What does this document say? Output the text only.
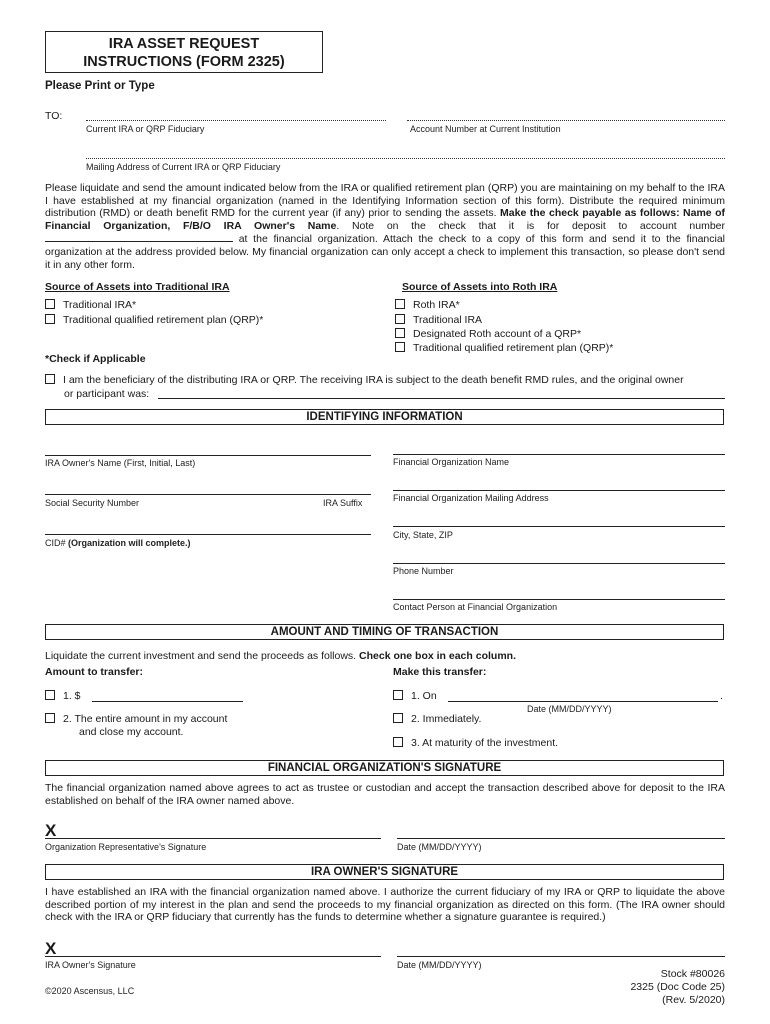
IRA ASSET REQUEST
INSTRUCTIONS (FORM 2325)
Please Print or Type
TO:
Current IRA or QRP Fiduciary	Account Number at Current Institution
Mailing Address of Current IRA or QRP Fiduciary
Please liquidate and send the amount indicated below from the IRA or qualified retirement plan (QRP) you are maintaining on my behalf to the IRA I have established at my financial organization (named in the Identifying Information section of this form). Distribute the required minimum distribution (RMD) or death benefit RMD for the current year (if any) prior to sending the assets. Make the check payable as follows: Name of Financial Organization, F/B/O IRA Owner's Name. Note on the check that it is for deposit to account number  at the financial organization. Attach the check to a copy of this form and send it to the financial organization at the address provided below. My financial organization can only accept a check to implement this transaction, so please don't send it in any other form.
Source of Assets into Traditional IRA
Traditional IRA*
Traditional qualified retirement plan (QRP)*
Source of Assets into Roth IRA
Roth IRA*
Traditional IRA
Designated Roth account of a QRP*
Traditional qualified retirement plan (QRP)*
*Check if Applicable
I am the beneficiary of the distributing IRA or QRP. The receiving IRA is subject to the death benefit RMD rules, and the original owner
or participant was:
IDENTIFYING INFORMATION
IRA Owner's Name (First, Initial, Last)
Social Security Number	IRA Suffix
CID# (Organization will complete.)
Financial Organization Name
Financial Organization Mailing Address
City, State, ZIP
Phone Number
Contact Person at Financial Organization
AMOUNT AND TIMING OF TRANSACTION
Liquidate the current investment and send the proceeds as follows. Check one box in each column.
Amount to transfer:	Make this transfer:
1. $
2. The entire amount in my account
and close my account.
1. On	.
Date (MM/DD/YYYY)
2. Immediately.
3. At maturity of the investment.
FINANCIAL ORGANIZATION'S SIGNATURE
The financial organization named above agrees to act as trustee or custodian and accept the transaction described above for deposit to the IRA established on behalf of the IRA owner named above.
X
Organization Representative's Signature	Date (MM/DD/YYYY)
IRA OWNER'S SIGNATURE
I have established an IRA with the financial organization named above. I authorize the current fiduciary of my IRA or QRP to liquidate the above described portion of my interest in the plan and send the proceeds to my financial organization as directed on this form. (The IRA owner should check with the IRA or QRP fiduciary that currently has the funds to determine whether a signature guarantee is required.)
X
IRA Owner's Signature	Date (MM/DD/YYYY)
©2020 Ascensus, LLC
Stock #80026
2325 (Doc Code 25)
(Rev. 5/2020)
